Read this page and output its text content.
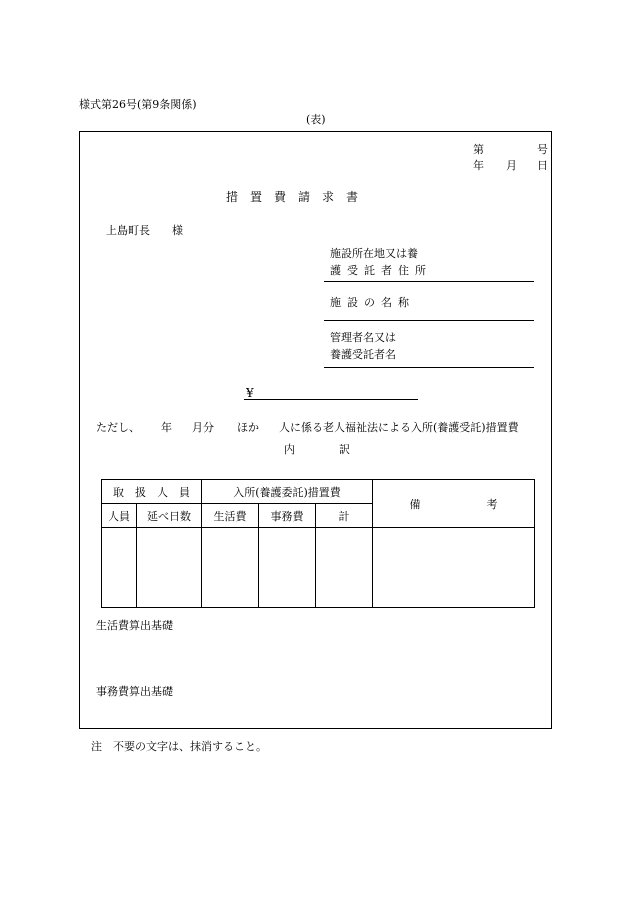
様式第26号(第9条関係)
(表)
第	号
年 月 日
措　置　費　請　求　書
上島町長　　様
施設所在地又は養
護受託者住所
施設の名称
管理者名又は
養護受託者名
¥
ただし、 年 月分 ほか 人に係る老人福祉法による入所(養護受託)措置費
内　　　　訳
取　扱　人　員		入所(養護委託)措置費			備　　　　　　考
人員	延べ日数	生活費	事務費	計	

生活費算出基礎
事務費算出基礎
注　不要の文字は、抹消すること。
